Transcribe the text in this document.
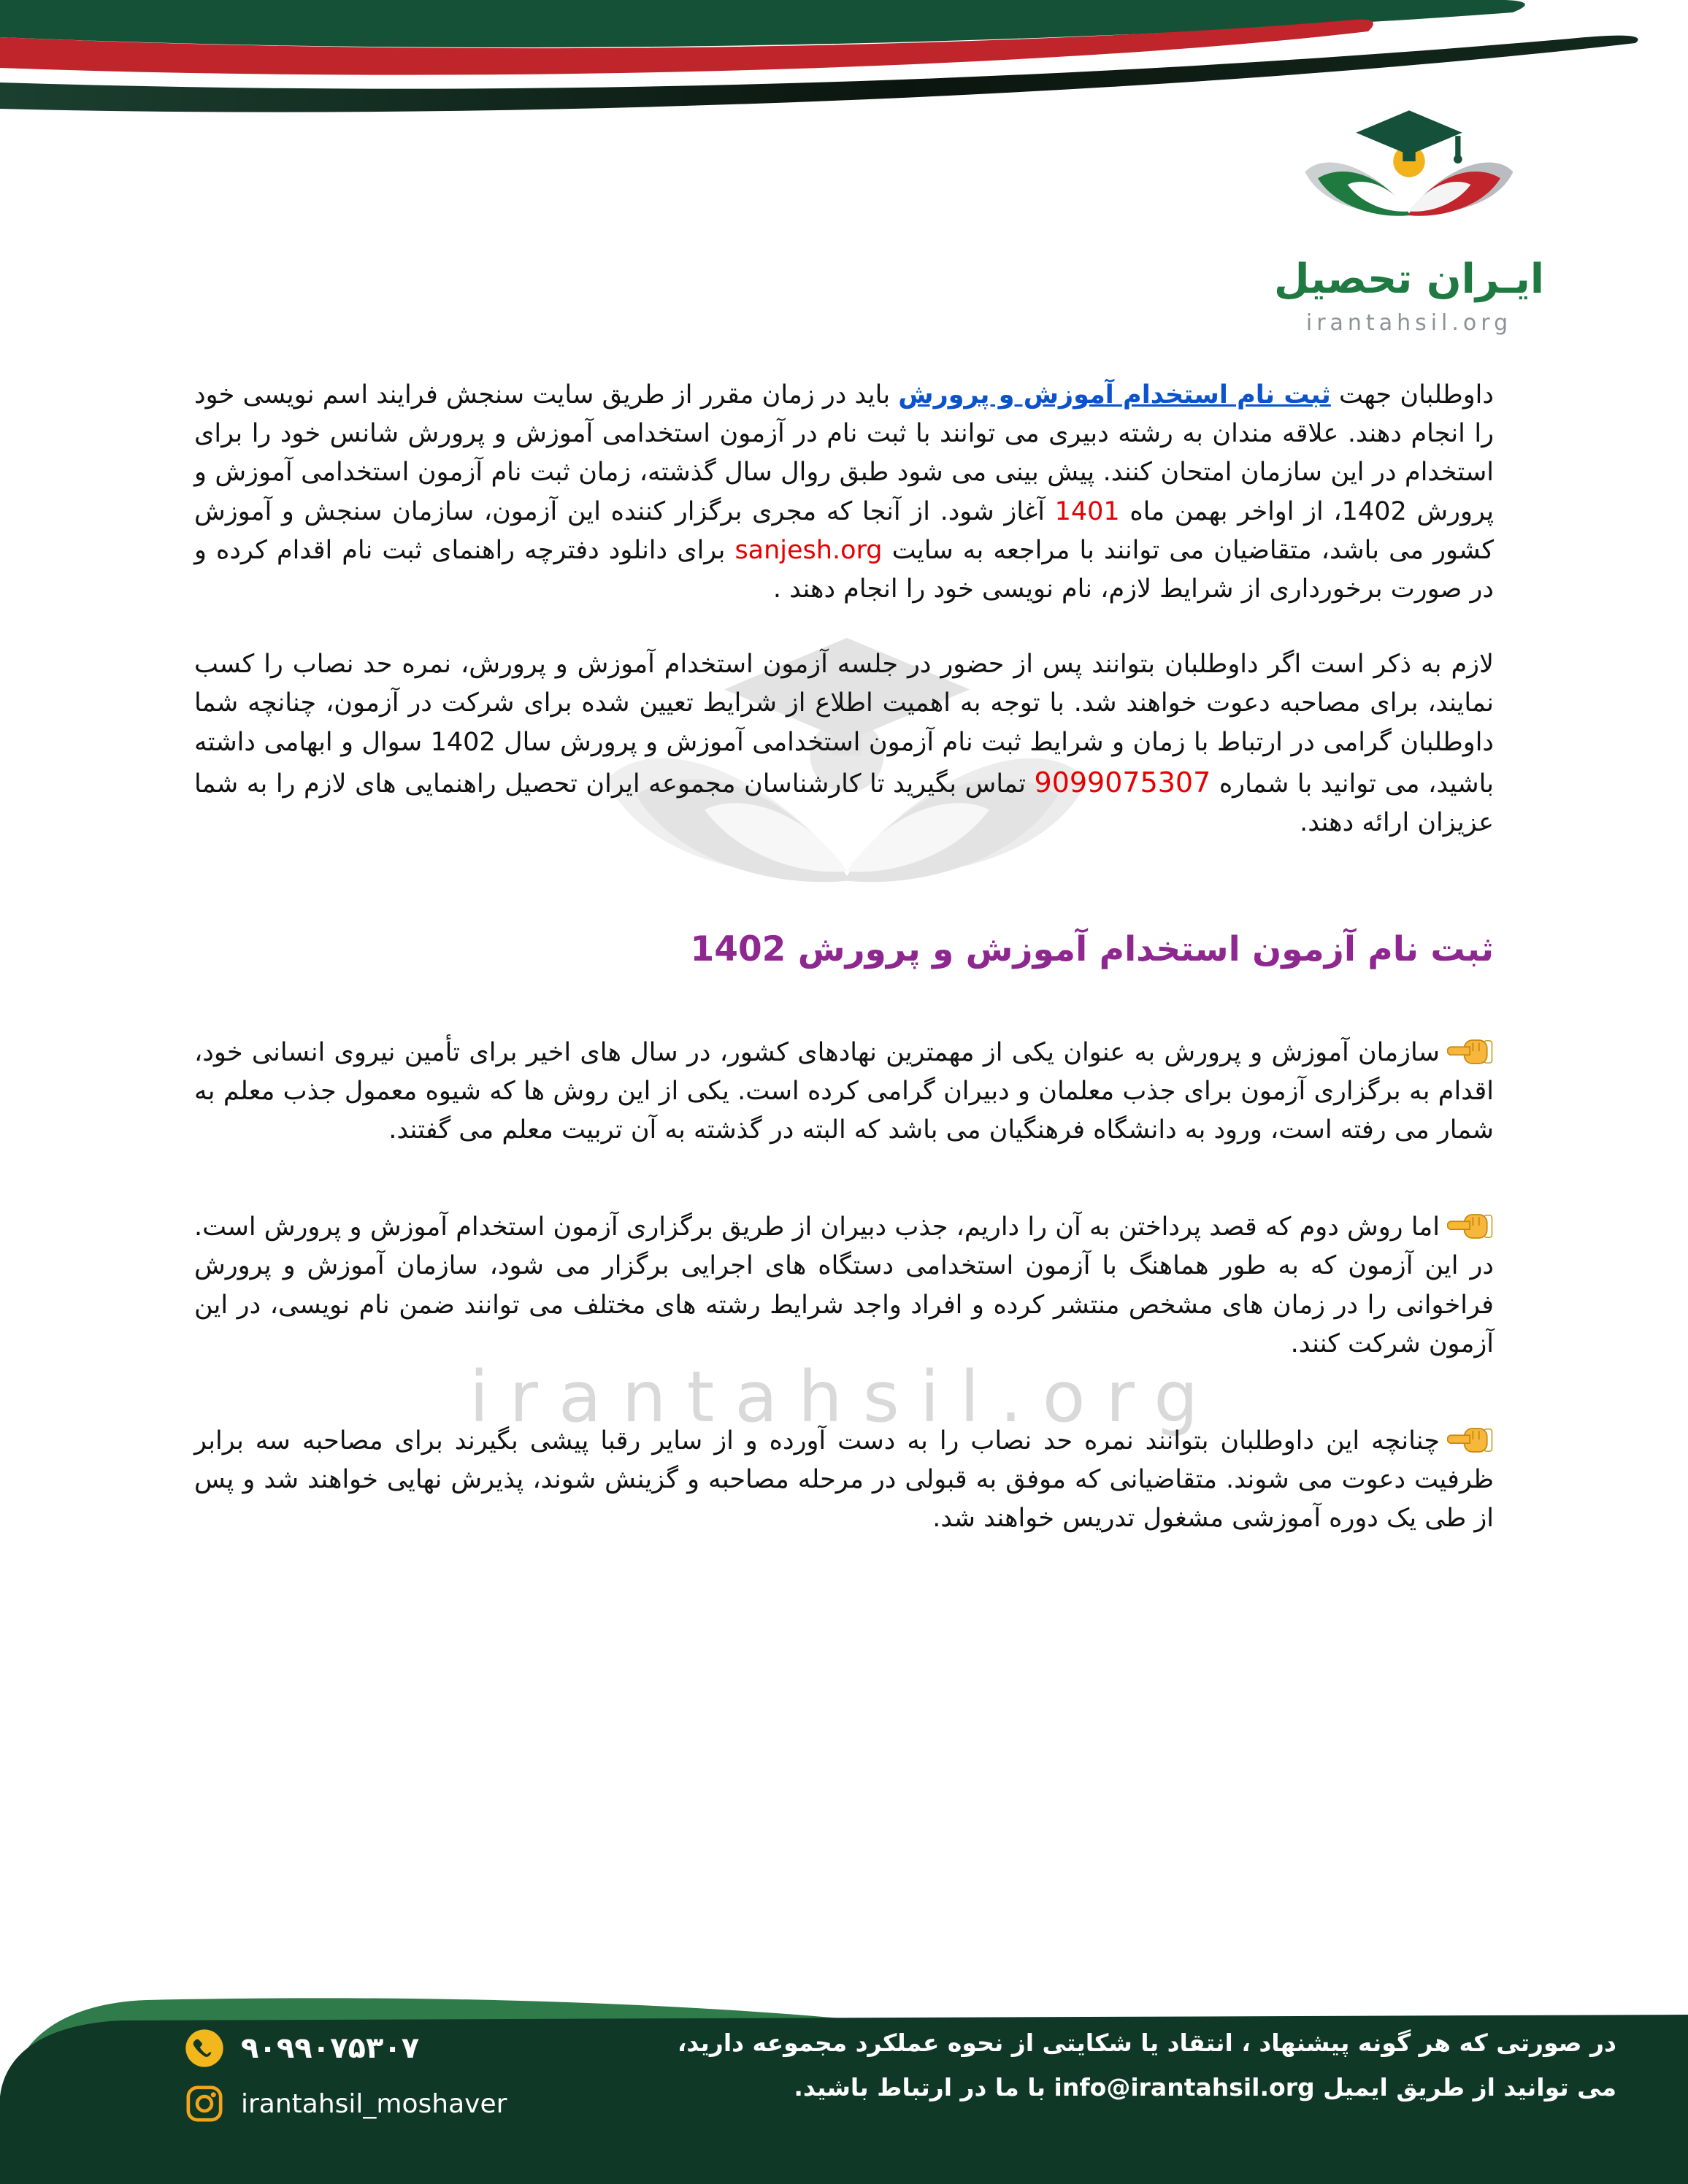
ایـران تحصیل
irantahsil.org
irantahsil.org

داوطلبان جهت ثبت نام استخدام آموزش و پرورش باید در زمان مقرر از طریق سایت سنجش فرایند اسم نویسی خود را انجام دهند. علاقه مندان به رشته دبیری می توانند با ثبت نام در آزمون استخدامی آموزش و پرورش شانس خود را برای استخدام در این سازمان امتحان کنند. پیش بینی می شود طبق روال سال گذشته، زمان ثبت نام آزمون استخدامی آموزش و پرورش 1402، از اواخر بهمن ماه 1401 آغاز شود. از آنجا که مجری برگزار کننده این آزمون، سازمان سنجش و آموزش کشور می باشد، متقاضیان می توانند با مراجعه به سایت sanjesh.org برای دانلود دفترچه راهنمای ثبت نام اقدام کرده و در صورت برخورداری از شرایط لازم، نام نویسی خود را انجام دهند .

لازم به ذکر است اگر داوطلبان بتوانند پس از حضور در جلسه آزمون استخدام آموزش و پرورش، نمره حد نصاب را کسب نمایند، برای مصاحبه دعوت خواهند شد. با توجه به اهمیت اطلاع از شرایط تعیین شده برای شرکت در آزمون، چنانچه شما داوطلبان گرامی در ارتباط با زمان و شرایط ثبت نام آزمون استخدامی آموزش و پرورش سال 1402 سوال و ابهامی داشته باشید، می توانید با شماره 9099075307 تماس بگیرید تا کارشناسان مجموعه ایران تحصیل راهنمایی های لازم را به شما عزیزان ارائه دهند.

ثبت نام آزمون استخدام آموزش و پرورش 1402

سازمان آموزش و پرورش به عنوان یکی از مهمترین نهادهای کشور، در سال های اخیر برای تأمین نیروی انسانی خود، اقدام به برگزاری آزمون برای جذب معلمان و دبیران گرامی کرده است. یکی از این روش ها که شیوه معمول جذب معلم به شمار می رفته است، ورود به دانشگاه فرهنگیان می باشد که البته در گذشته به آن تربیت معلم می گفتند.

اما روش دوم که قصد پرداختن به آن را داریم، جذب دبیران از طریق برگزاری آزمون استخدام آموزش و پرورش است. در این آزمون که به طور هماهنگ با آزمون استخدامی دستگاه های اجرایی برگزار می شود، سازمان آموزش و پرورش فراخوانی را در زمان های مشخص منتشر کرده و افراد واجد شرایط رشته های مختلف می توانند ضمن نام نویسی، در این آزمون شرکت کنند.

چنانچه این داوطلبان بتوانند نمره حد نصاب را به دست آورده و از سایر رقبا پیشی بگیرند برای مصاحبه سه برابر ظرفیت دعوت می شوند. متقاضیانی که موفق به قبولی در مرحله مصاحبه و گزینش شوند، پذیرش نهایی خواهند شد و پس از طی یک دوره آموزشی مشغول تدریس خواهند شد.

۹۰۹۹۰۷۵۳۰۷
irantahsil_moshaver
در صورتی که هر گونه پیشنهاد ، انتقاد یا شکایتی از نحوه عملکرد مجموعه دارید،
می توانید از طریق ایمیل info@irantahsil.org با ما در ارتباط باشید.
